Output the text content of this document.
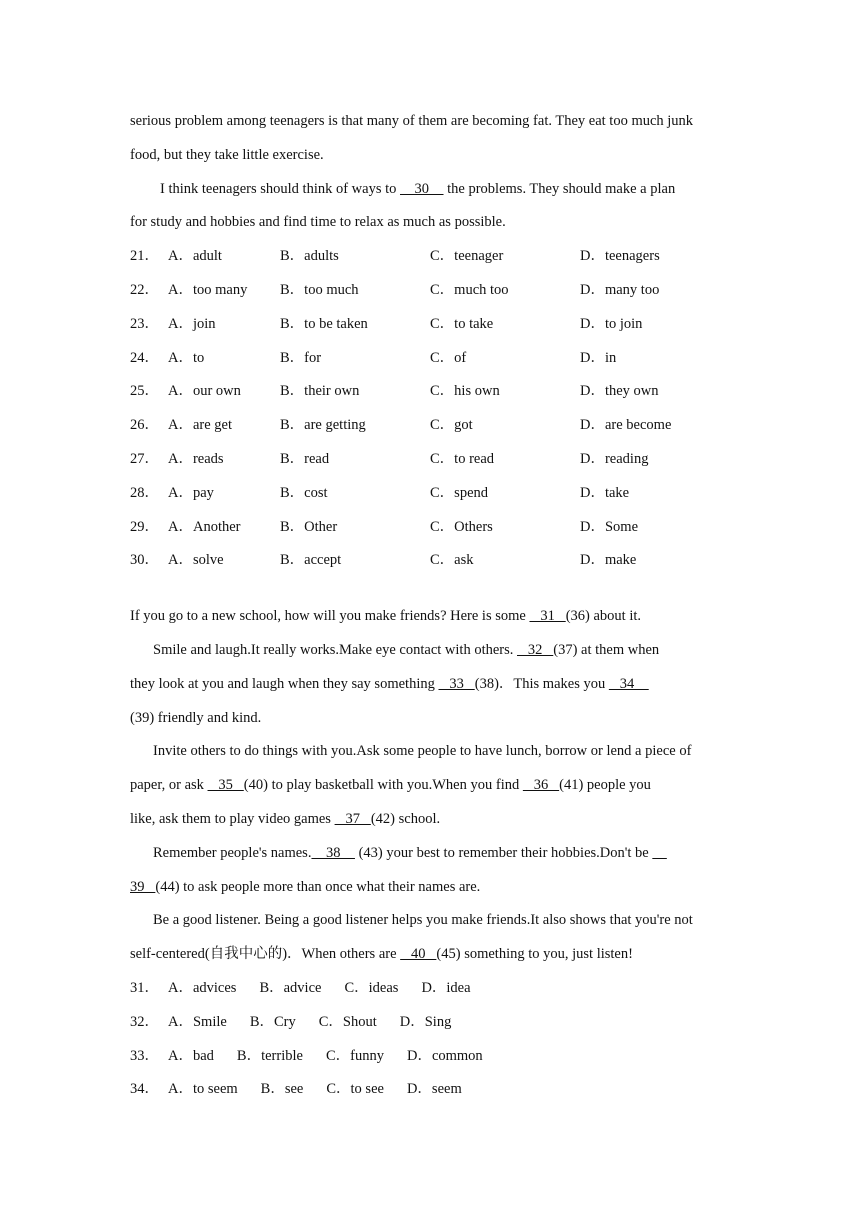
serious problem among teenagers is that many of them are becoming fat. They eat too much junk
food, but they take little exercise.
I think teenagers should think of ways to     30     the problems. They should make a plan
for study and hobbies and find time to relax as much as possible.
21． A．adult	B．adults	C．teenager	D．teenagers
22． A．too many	B．too much	C．much too	D．many too
23． A．join	B．to be taken	C．to take	D．to join
24． A．to	B．for	C．of	D．in
25． A．our own	B．their own	C．his own	D．they own
26． A．are get	B．are getting	C．got	D．are become
27． A．reads	B．read	C．to read	D．reading
28． A．pay	B．cost	C．spend	D．take
29． A．Another	B．Other	C．Others	D．Some
30． A．solve	B．accept	C．ask	D．make
If you go to a new school, how will you make friends? Here is some    31   (36) about it.
Smile and laugh.It really works.Make eye contact with others.    32   (37) at them when
they look at you and laugh when they say something    33   (38)．This makes you    34
(39) friendly and kind.
Invite others to do things with you.Ask some people to have lunch, borrow or lend a piece of
paper, or ask    35   (40) to play basketball with you.When you find    36   (41) people you
like, ask them to play video games    37   (42) school.
Remember people's names.    38     (43) your best to remember their hobbies.Don't be
39   (44) to ask people more than once what their names are.
Be a good listener. Being a good listener helps you make friends.It also shows that you're not
self-centered(自我中心的)．When others are    40   (45) something to you, just listen!
31． A．advices B．advice C．ideas D．idea
32． A．Smile B．Cry C．Shout D．Sing
33． A．bad B．terrible C．funny D．common
34． A．to seem B．see C．to see D．seem
